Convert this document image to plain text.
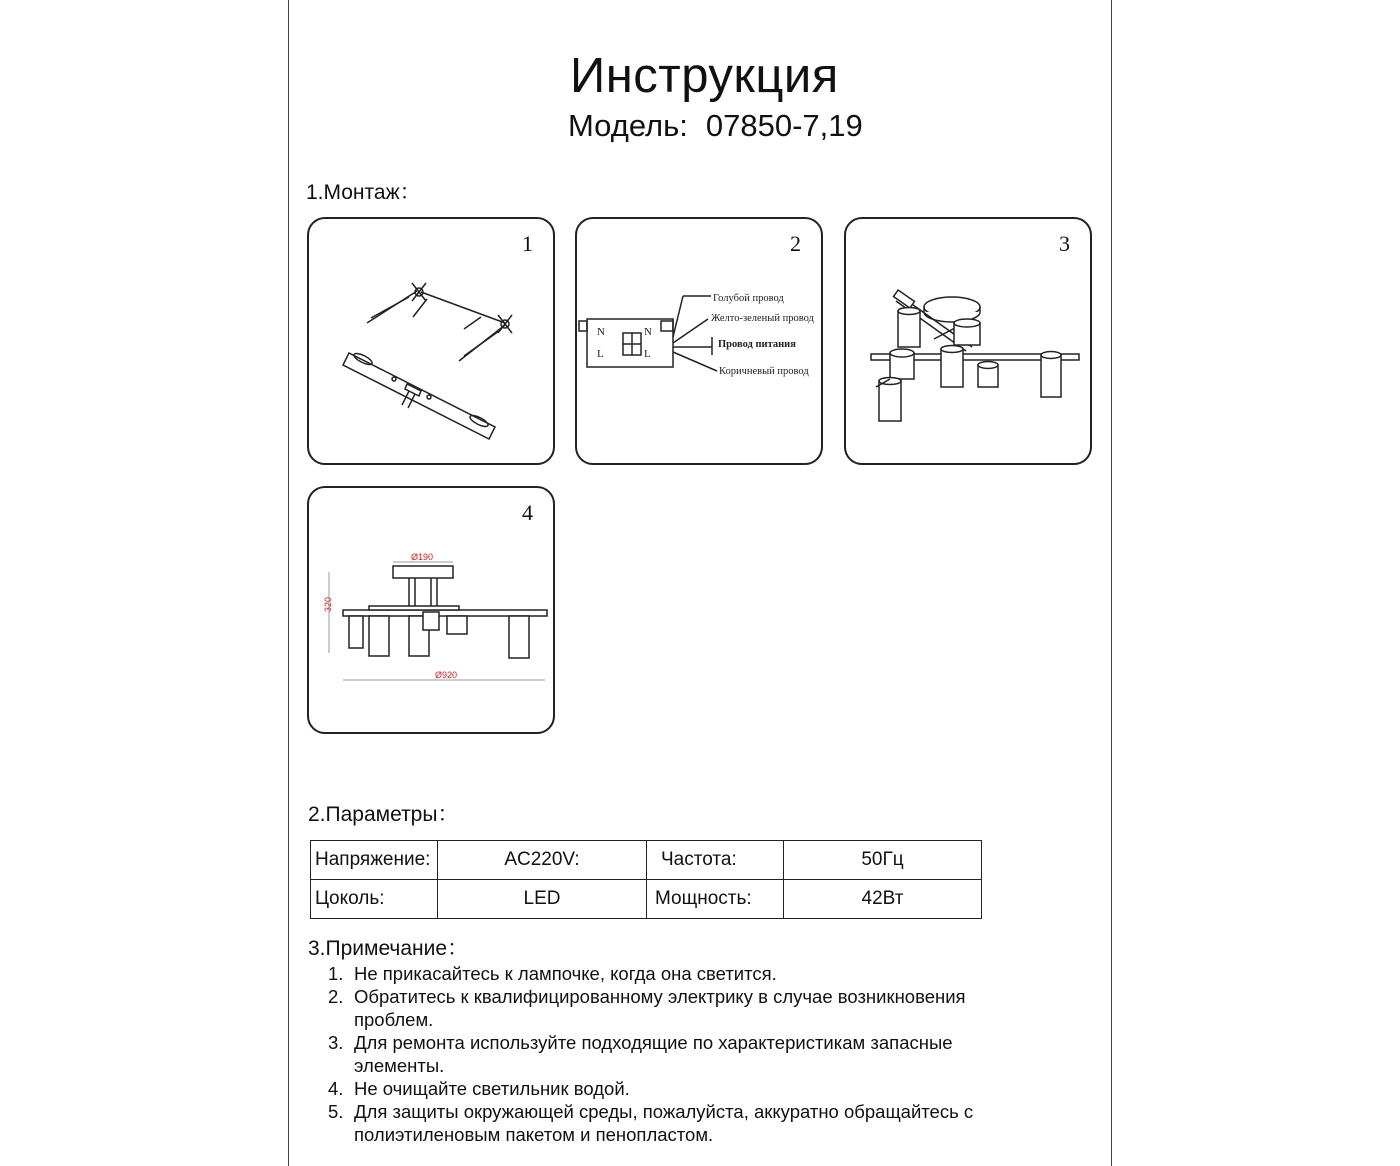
Инструкция
Модель: 07850-7,19
1.Монтаж：
1	2
N
L
N
L
Голубой провод
Желто-зеленый провод
Провод питания
Коричневый провод
3
4
Ø190
320
Ø920
2.Параметры：
Напряжение:	AC220V:	Частота:	50Гц
Цоколь:	LED	Мощность:	42Вт
3.Примечание：
1. Не прикасайтесь к лампочке, когда она светится.
2. Обратитесь к квалифицированному электрику в случае возникновения проблем.
3. Для ремонта используйте подходящие по характеристикам запасные элементы.
4. Не очищайте светильник водой.
5. Для защиты окружающей среды, пожалуйста, аккуратно обращайтесь с полиэтиленовым пакетом и пенопластом.
